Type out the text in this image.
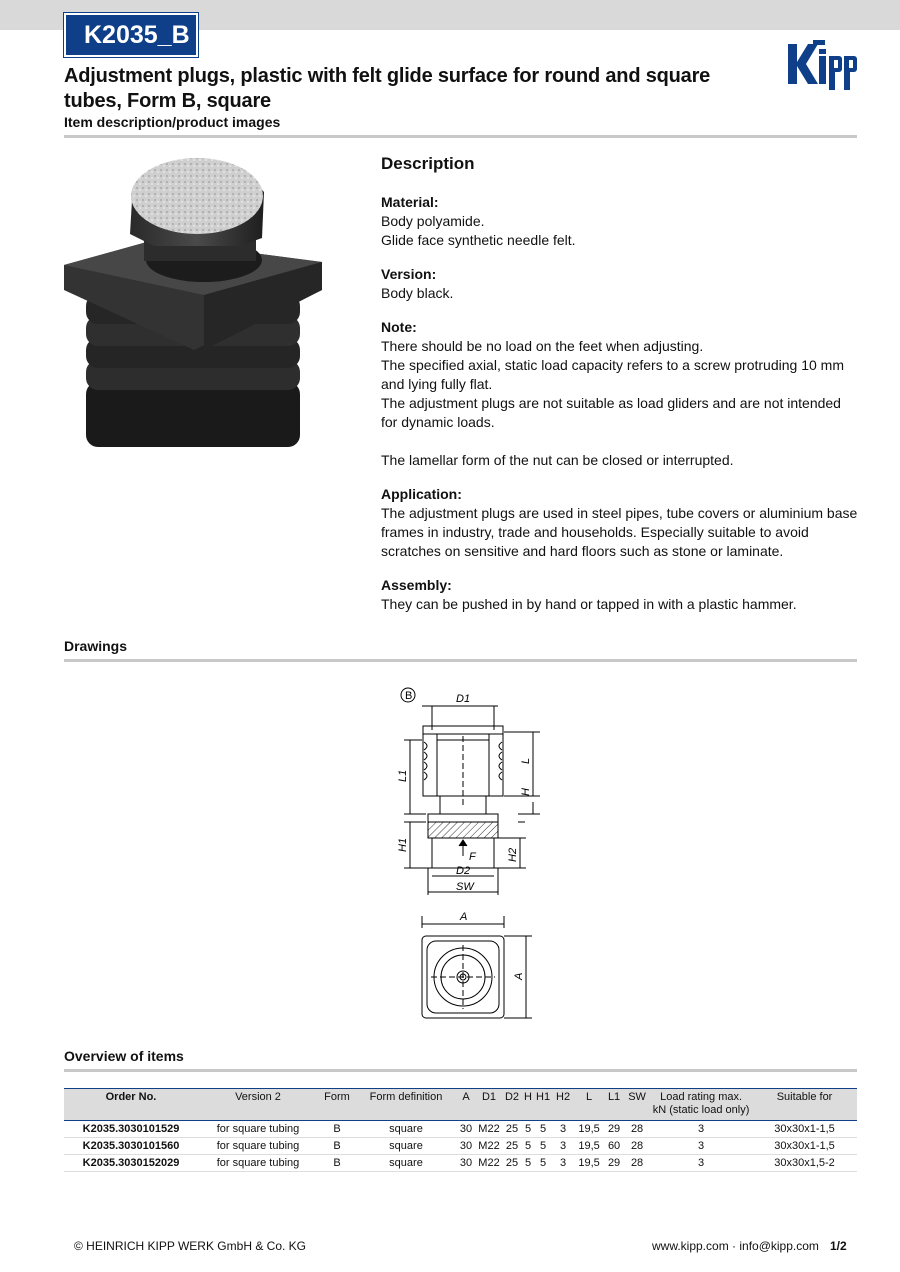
K2035_B
Adjustment plugs, plastic with felt glide surface for round and square tubes, Form B, square
Item description/product images
Description
Material:

Body polyamide.

Glide face synthetic needle felt.

Version:

Body black.

Note:

There should be no load on the feet when adjusting.

The specified axial, static load capacity refers to a screw protruding 10 mm and lying fully flat.

The adjustment plugs are not suitable as load gliders and are not intended for dynamic loads.

The lamellar form of the nut can be closed or interrupted.

Application:

The adjustment plugs are used in steel pipes, tube covers or aluminium base frames in industry, trade and households. Especially suitable to avoid scratches on sensitive and hard floors such as stone or laminate.

Assembly:

They can be pushed in by hand or tapped in with a plastic hammer.

Drawings
B	D1
L1
L
H
H1
H2
F
D2
SW
A
A
Overview of items
Order No.	Version 2	Form	Form definition	A	D1	D2	H	H1	H2	L	L1	SW	Load rating max. kN (static load only)	Suitable for
K2035.3030101529	for square tubing	B	square	30	M22	25	5	5	3	19,5	29	28	3	30x30x1-1,5
K2035.3030101560	for square tubing	B	square	30	M22	25	5	5	3	19,5	60	28	3	30x30x1-1,5
K2035.3030152029	for square tubing	B	square	30	M22	25	5	5	3	19,5	29	28	3	30x30x1,5-2
© HEINRICH KIPP WERK GmbH & Co. KG	www.kipp.com · info@kipp.com 1/2
